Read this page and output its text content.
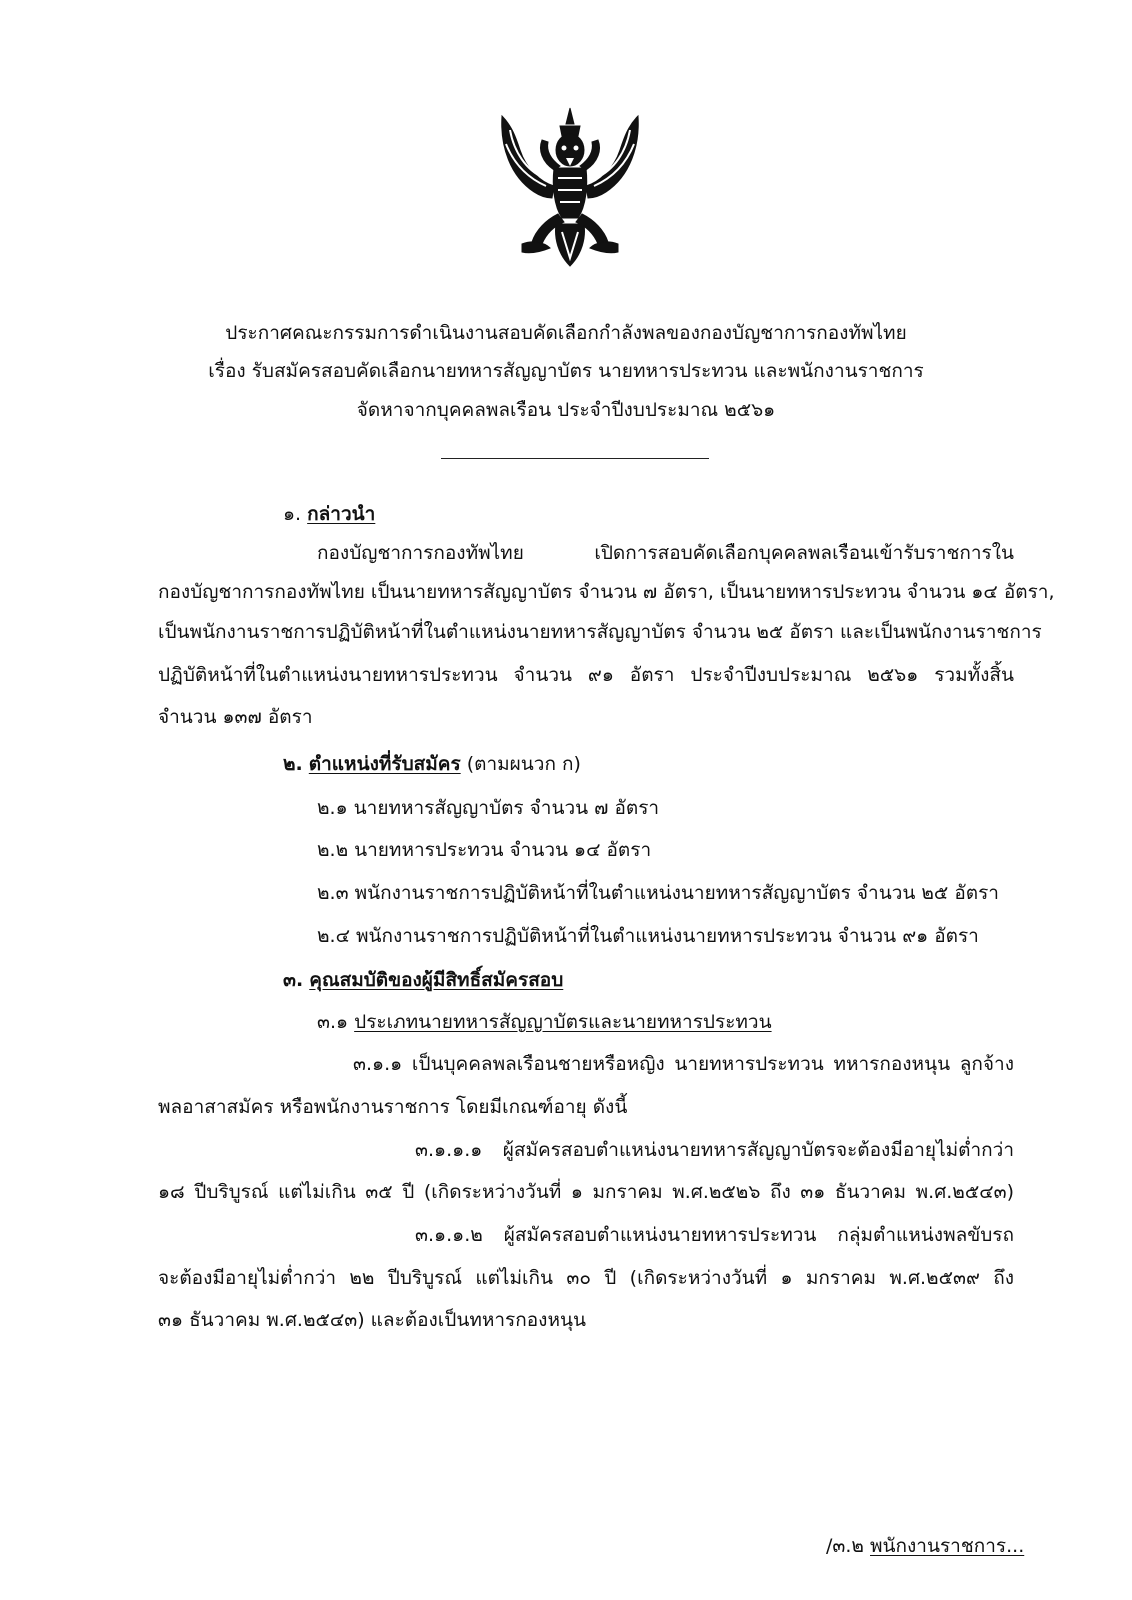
ประกาศคณะกรรมการดำเนินงานสอบคัดเลือกกำลังพลของกองบัญชาการกองทัพไทย
เรื่อง รับสมัครสอบคัดเลือกนายทหารสัญญาบัตร นายทหารประทวน และพนักงานราชการ
จัดหาจากบุคคลพลเรือน ประจำปีงบประมาณ ๒๕๖๑
๑. กล่าวนำ
กองบัญชาการกองทัพไทย เปิดการสอบคัดเลือกบุคคลพลเรือนเข้ารับราชการใน
กองบัญชาการกองทัพไทย เป็นนายทหารสัญญาบัตร จำนวน ๗ อัตรา, เป็นนายทหารประทวน จำนวน ๑๔ อัตรา,
เป็นพนักงานราชการปฏิบัติหน้าที่ในตำแหน่งนายทหารสัญญาบัตร จำนวน ๒๕ อัตรา และเป็นพนักงานราชการ
ปฏิบัติหน้าที่ในตำแหน่งนายทหารประทวน จำนวน ๙๑ อัตรา ประจำปีงบประมาณ ๒๕๖๑ รวมทั้งสิ้น
จำนวน ๑๓๗ อัตรา
๒. ตำแหน่งที่รับสมัคร (ตามผนวก ก)
๒.๑ นายทหารสัญญาบัตร จำนวน ๗ อัตรา
๒.๒ นายทหารประทวน จำนวน ๑๔ อัตรา
๒.๓ พนักงานราชการปฏิบัติหน้าที่ในตำแหน่งนายทหารสัญญาบัตร จำนวน ๒๕ อัตรา
๒.๔ พนักงานราชการปฏิบัติหน้าที่ในตำแหน่งนายทหารประทวน จำนวน ๙๑ อัตรา
๓. คุณสมบัติของผู้มีสิทธิ์สมัครสอบ
๓.๑ ประเภทนายทหารสัญญาบัตรและนายทหารประทวน
๓.๑.๑ เป็นบุคคลพลเรือนชายหรือหญิง นายทหารประทวน ทหารกองหนุน ลูกจ้าง
พลอาสาสมัคร หรือพนักงานราชการ โดยมีเกณฑ์อายุ ดังนี้
๓.๑.๑.๑ ผู้สมัครสอบตำแหน่งนายทหารสัญญาบัตรจะต้องมีอายุไม่ต่ำกว่า
๑๘ ปีบริบูรณ์ แต่ไม่เกิน ๓๕ ปี (เกิดระหว่างวันที่ ๑ มกราคม พ.ศ.๒๕๒๖ ถึง ๓๑ ธันวาคม พ.ศ.๒๕๔๓)
๓.๑.๑.๒ ผู้สมัครสอบตำแหน่งนายทหารประทวน กลุ่มตำแหน่งพลขับรถ
จะต้องมีอายุไม่ต่ำกว่า ๒๒ ปีบริบูรณ์ แต่ไม่เกิน ๓๐ ปี (เกิดระหว่างวันที่ ๑ มกราคม พ.ศ.๒๕๓๙ ถึง
๓๑ ธันวาคม พ.ศ.๒๕๔๓) และต้องเป็นทหารกองหนุน
/๓.๒ พนักงานราชการ...
